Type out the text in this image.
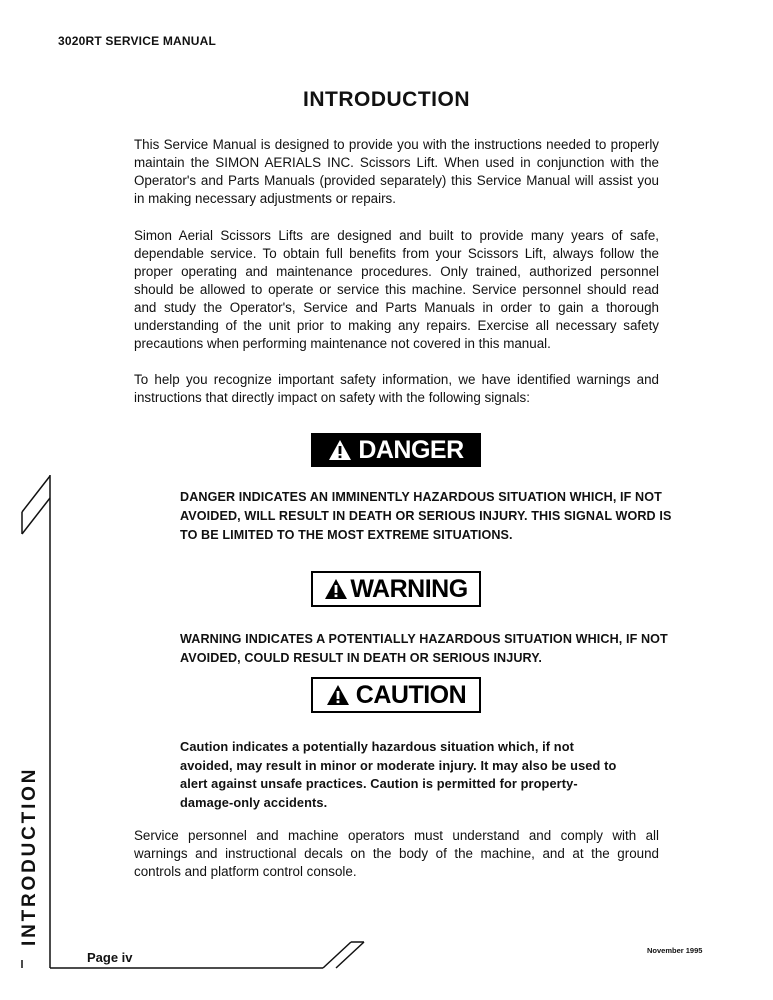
3020RT SERVICE MANUAL
INTRODUCTION
This Service Manual is designed to provide you with the instructions needed to properly maintain the SIMON AERIALS INC. Scissors Lift. When used in conjunction with the Operator's and Parts Manuals (provided separately) this Service Manual will assist you in making necessary adjustments or repairs.
Simon Aerial Scissors Lifts are designed and built to provide many years of safe, dependable service. To obtain full benefits from your Scissors Lift, always follow the proper operating and maintenance procedures. Only trained, authorized personnel should be allowed to operate or service this machine. Service personnel should read and study the Operator's, Service and Parts Manuals in order to gain a thorough understanding of the unit prior to making any repairs. Exercise all necessary safety precautions when performing maintenance not covered in this manual.
To help you recognize important safety information, we have identified warnings and instructions that directly impact on safety with the following signals:
DANGER
DANGER INDICATES AN IMMINENTLY HAZARDOUS SITUATION WHICH, IF NOT AVOIDED, WILL RESULT IN DEATH OR SERIOUS INJURY. THIS SIGNAL WORD IS TO BE LIMITED TO THE MOST EXTREME SITUATIONS.
WARNING
WARNING INDICATES A POTENTIALLY HAZARDOUS SITUATION WHICH, IF NOT AVOIDED, COULD RESULT IN DEATH OR SERIOUS INJURY.
CAUTION
Caution indicates a potentially hazardous situation which, if not avoided, may result in minor or moderate injury. It may also be used to alert against unsafe practices. Caution is permitted for property-damage-only accidents.
Service personnel and machine operators must understand and comply with all warnings and instructional decals on the body of the machine, and at the ground controls and platform control console.
INTRODUCTION
Page iv	November 1995
